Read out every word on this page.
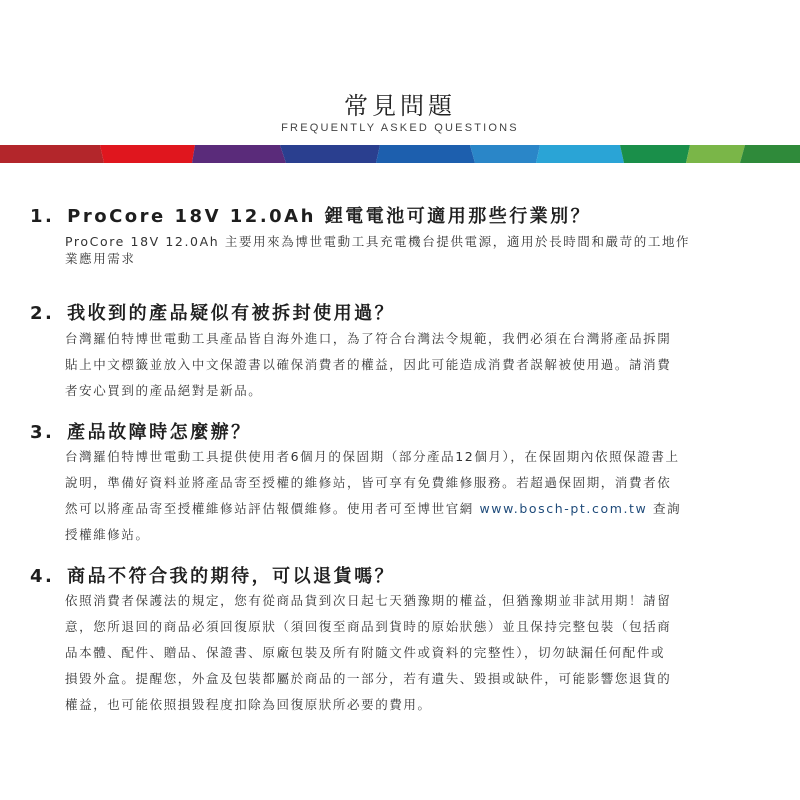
常見問題
FREQUENTLY ASKED QUESTIONS
1. ProCore 18V 12.0Ah 鋰電電池可適用那些行業別？
ProCore 18V 12.0Ah 主要用來為博世電動工具充電機台提供電源，適用於長時間和嚴苛的工地作
業應用需求
2. 我收到的產品疑似有被拆封使用過？
台灣羅伯特博世電動工具產品皆自海外進口，為了符合台灣法令規範，我們必須在台灣將產品拆開
貼上中文標籤並放入中文保證書以確保消費者的權益，因此可能造成消費者誤解被使用過。請消費
者安心買到的產品絕對是新品。
3. 產品故障時怎麼辦？
台灣羅伯特博世電動工具提供使用者6個月的保固期（部分產品12個月），在保固期內依照保證書上
說明，準備好資料並將產品寄至授權的維修站，皆可享有免費維修服務。若超過保固期，消費者依
然可以將產品寄至授權維修站評估報價維修。使用者可至博世官網 www.bosch-pt.com.tw 查詢
授權維修站。
4. 商品不符合我的期待，可以退貨嗎？
依照消費者保護法的規定，您有從商品貨到次日起七天猶豫期的權益，但猶豫期並非試用期！請留
意，您所退回的商品必須回復原狀（須回復至商品到貨時的原始狀態）並且保持完整包裝（包括商
品本體、配件、贈品、保證書、原廠包裝及所有附隨文件或資料的完整性），切勿缺漏任何配件或
損毀外盒。提醒您，外盒及包裝都屬於商品的一部分，若有遺失、毀損或缺件，可能影響您退貨的
權益，也可能依照損毀程度扣除為回復原狀所必要的費用。
